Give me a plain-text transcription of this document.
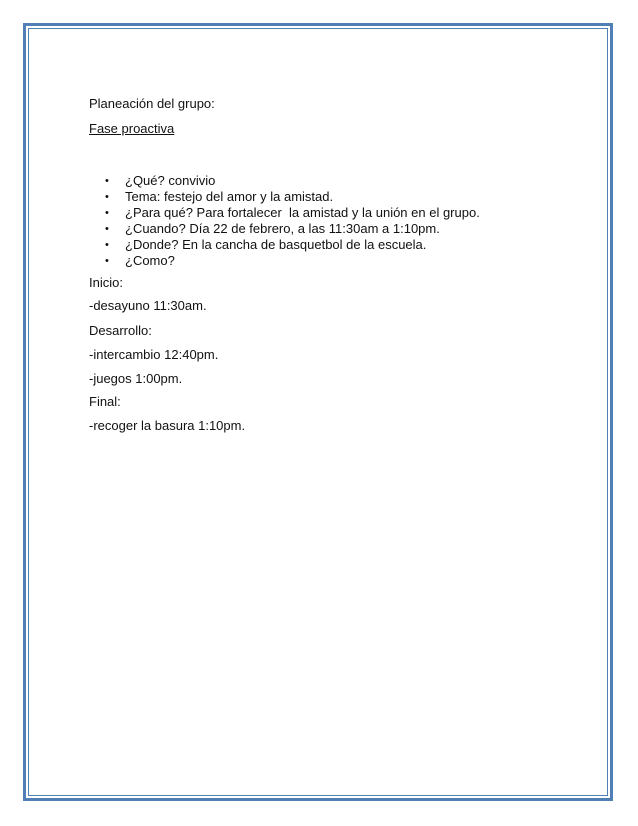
Planeación del grupo:

Fase proactiva

• ¿Qué? convivio
• Tema: festejo del amor y la amistad.
• ¿Para qué? Para fortalecer  la amistad y la unión en el grupo.
• ¿Cuando? Día 22 de febrero, a las 11:30am a 1:10pm.
• ¿Donde? En la cancha de basquetbol de la escuela.
• ¿Como?

Inicio:

-desayuno 11:30am.

Desarrollo:

-intercambio 12:40pm.

-juegos 1:00pm.

Final:

-recoger la basura 1:10pm.
